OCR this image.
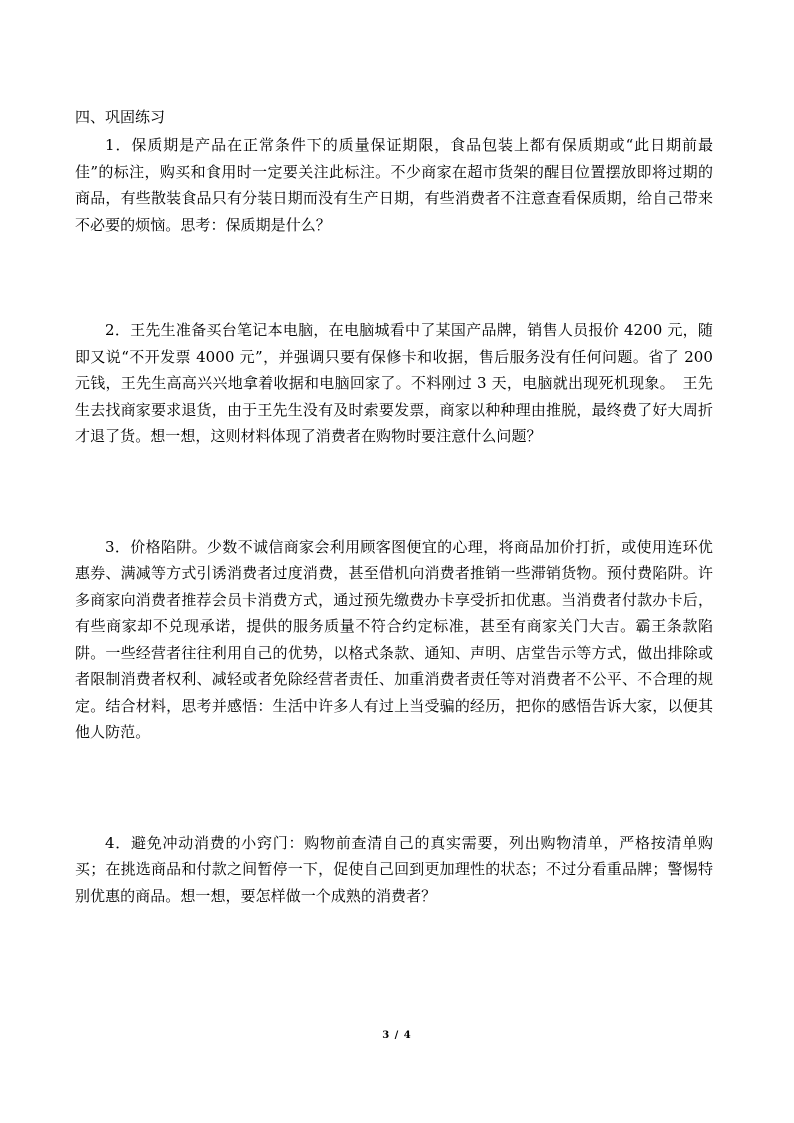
四、巩固练习

1．保质期是产品在正常条件下的质量保证期限，食品包装上都有保质期或“此日期前最佳”的标注，购买和食用时一定要关注此标注。不少商家在超市货架的醒目位置摆放即将过期的商品，有些散装食品只有分装日期而没有生产日期，有些消费者不注意查看保质期，给自己带来不必要的烦恼。思考：保质期是什么？

2．王先生准备买台笔记本电脑，在电脑城看中了某国产品牌，销售人员报价 4200 元，随即又说“不开发票 4000 元”，并强调只要有保修卡和收据，售后服务没有任何问题。省了 200 元钱，王先生高高兴兴地拿着收据和电脑回家了。不料刚过 3 天，电脑就出现死机现象。　王先生去找商家要求退货，由于王先生没有及时索要发票，商家以种种理由推脱，最终费了好大周折才退了货。想一想，这则材料体现了消费者在购物时要注意什么问题？

3．价格陷阱。少数不诚信商家会利用顾客图便宜的心理，将商品加价打折，或使用连环优惠券、满减等方式引诱消费者过度消费，甚至借机向消费者推销一些滞销货物。预付费陷阱。许多商家向消费者推荐会员卡消费方式，通过预先缴费办卡享受折扣优惠。当消费者付款办卡后，有些商家却不兑现承诺，提供的服务质量不符合约定标准，甚至有商家关门大吉。霸王条款陷阱。一些经营者往往利用自己的优势，以格式条款、通知、声明、店堂告示等方式，做出排除或者限制消费者权利、减轻或者免除经营者责任、加重消费者责任等对消费者不公平、不合理的规定。结合材料，思考并感悟：生活中许多人有过上当受骗的经历，把你的感悟告诉大家，以便其他人防范。

4．避免冲动消费的小窍门：购物前查清自己的真实需要，列出购物清单，严格按清单购买；在挑选商品和付款之间暂停一下，促使自己回到更加理性的状态；不过分看重品牌；警惕特别优惠的商品。想一想，要怎样做一个成熟的消费者？

3 / 4
